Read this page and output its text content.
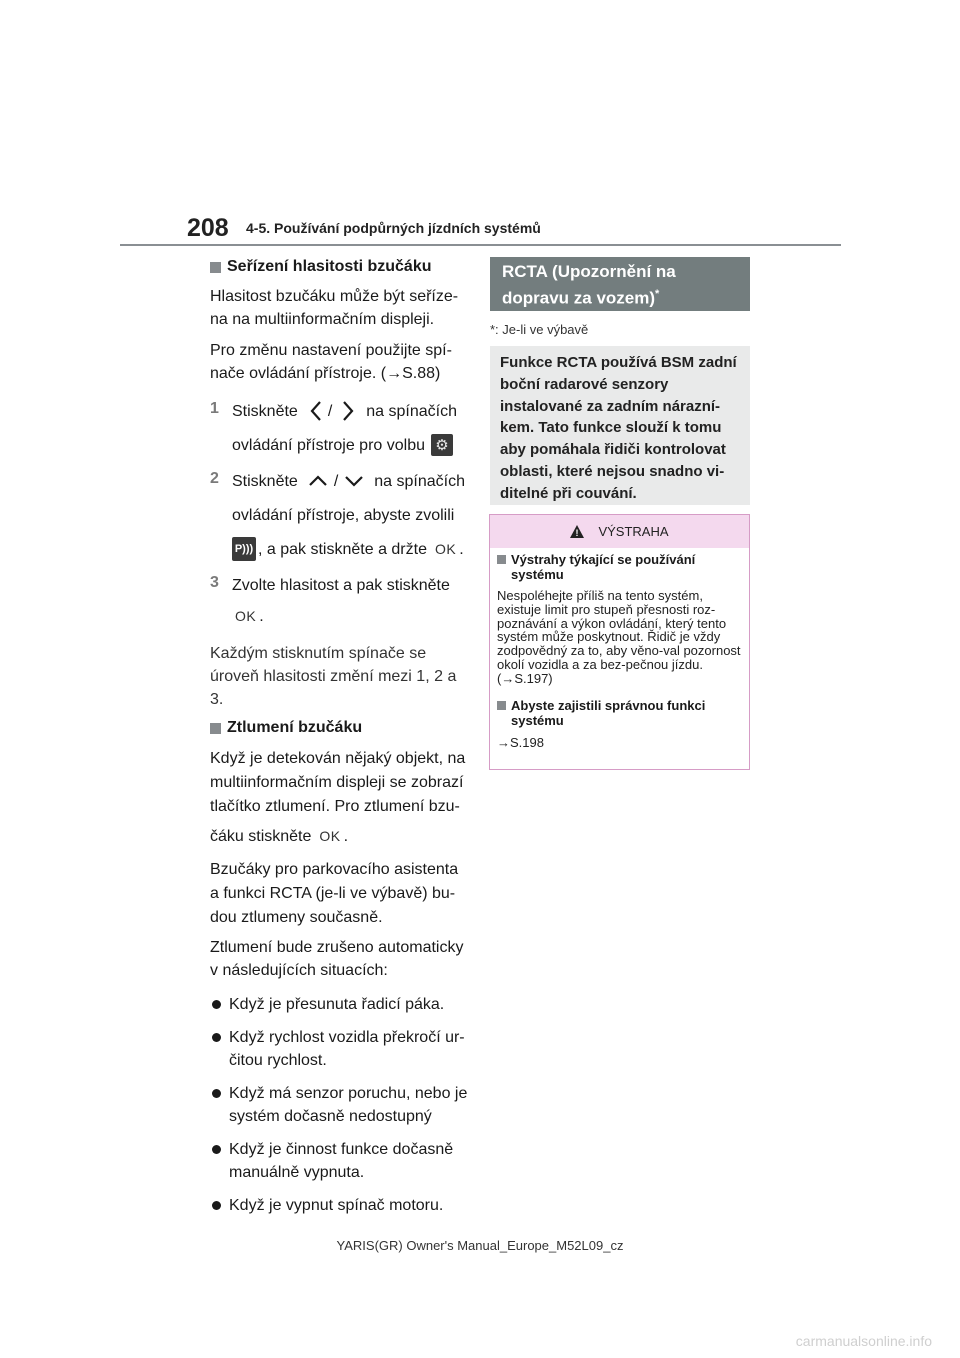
208 4-5. Používání podpůrných jízdních systémů
Seřízení hlasitosti bzučáku

Hlasitost bzučáku může být seříze-na na multiinformačním displeji.

Pro změnu nastavení použijte spí-nače ovládání přístroje. (→S.88)

1 Stiskněte / na spínačích
ovládání přístroje pro volbu ⚙
2 Stiskněte / na spínačích
ovládání přístroje, abyste zvolili
P ))) , a pak stiskněte a držte OK .
3 Zvolte hlasitost a pak stiskněte
OK .

Každým stisknutím spínače se úroveň hlasitosti změní mezi 1, 2 a 3.

Ztlumení bzučáku

Když je detekován nějaký objekt, na multiinformačním displeji se zobrazí tlačítko ztlumení. Pro ztlumení bzu-

čáku stiskněte OK .

Bzučáky pro parkovacího asistenta a funkci RCTA (je-li ve výbavě) bu-dou ztlumeny současně.

Ztlumení bude zrušeno automaticky v následujících situacích:

Když je přesunuta řadicí páka.
Když rychlost vozidla překročí ur-čitou rychlost.
Když má senzor poruchu, nebo je systém dočasně nedostupný
Když je činnost funkce dočasně manuálně vypnuta.
Když je vypnut spínač motoru.
RCTA (Upozornění na dopravu za vozem)*
*: Je-li ve výbavě
Funkce RCTA používá BSM zadní boční radarové senzory instalované za zadním nárazní-kem. Tato funkce slouží k tomu aby pomáhala řidiči kontrolovat oblasti, které nejsou snadno vi-ditelné při couvání.
! VÝSTRAHA
Výstrahy týkající se používání systému

Nespoléhejte příliš na tento systém, existuje limit pro stupeň přesnosti roz-poznávání a výkon ovládání, který tento systém může poskytnout. Řidič je vždy zodpovědný za to, aby věno-val pozornost okolí vozidla a za bez-pečnou jízdu. (→S.197)

Abyste zajistili správnou funkci systému

→S.198

YARIS(GR) Owner's Manual_Europe_M52L09_cz
carmanualsonline.info
